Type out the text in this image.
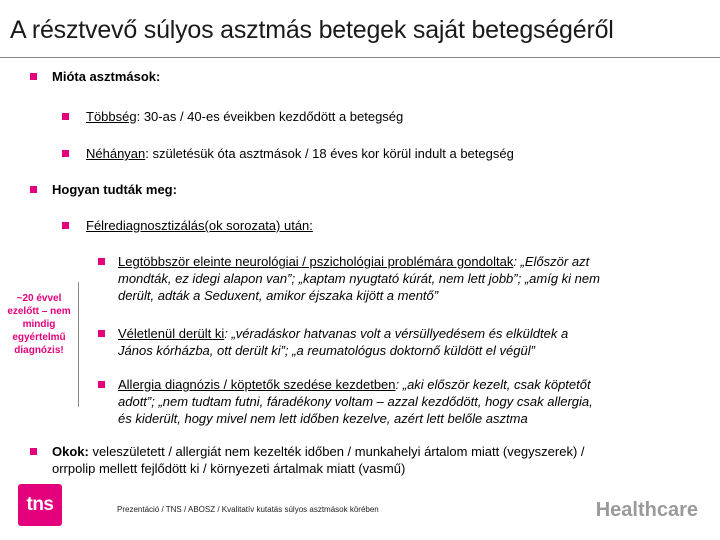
A résztvevő súlyos asztmás betegek saját betegségéről
Mióta asztmások:
Többség: 30-as / 40-es éveikben kezdődött a betegség
Néhányan: születésük óta asztmások / 18 éves kor körül indult a betegség
Hogyan tudták meg:
Félrediagnosztizálás(ok sorozata) után:
~20 évvel ezelőtt – nem mindig egyértelmű diagnózis!
Legtöbbször eleinte neurológiai / pszichológiai problémára gondoltak: „Először azt
mondták, ez idegi alapon van”; „kaptam nyugtató kúrát, nem lett jobb”; „amíg ki nem
derült, adták a Seduxent, amikor éjszaka kijött a mentő”
Véletlenül derült ki: „véradáskor hatvanas volt a vérsüllyedésem és elküldtek a
János kórházba, ott derült ki”; „a reumatológus doktornő küldött el végül”
Allergia diagnózis / köptetők szedése kezdetben: „aki először kezelt, csak köptetőt
adott”; „nem tudtam futni, fáradékony voltam – azzal kezdődött, hogy csak allergia,
és kiderült, hogy mivel nem lett időben kezelve, azért lett belőle asztma
Okok: veleszületett / allergiát nem kezelték időben / munkahelyi ártalom miatt (vegyszerek) /
orrpolip mellett fejlődött ki / környezeti ártalmak miatt (vasmű)
tns	Prezentáció / TNS / ABOSZ / Kvalitatív kutatás súlyos asztmások körében	Healthcare
